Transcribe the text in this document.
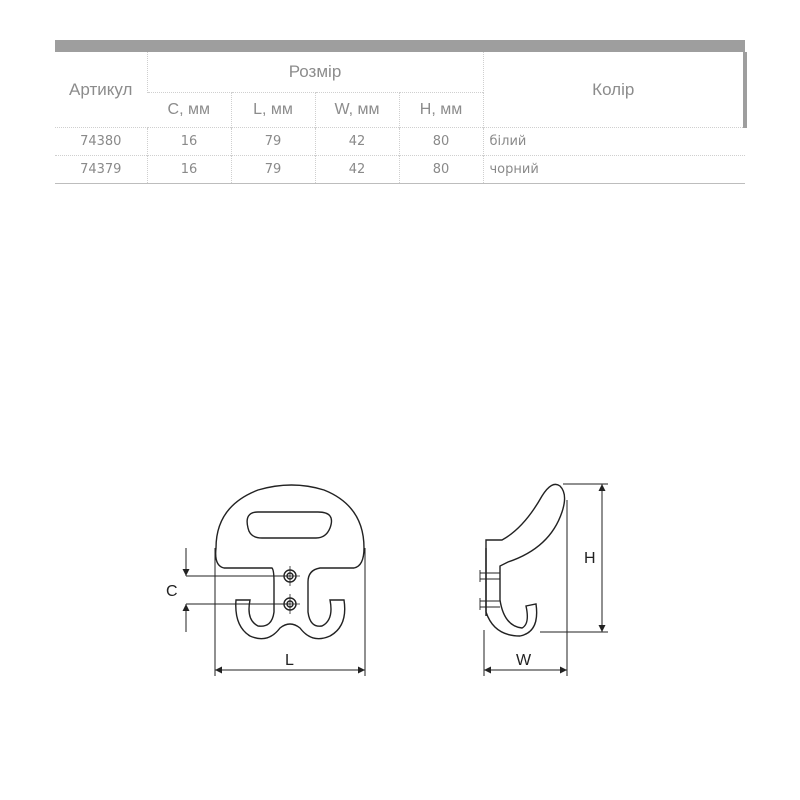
Артикул	Розмір				Колір
	C, мм	L, мм	W, мм	H, мм	
74380	16	79	42	80	білий
74379	16	79	42	80	чорний
C
L
H
W
